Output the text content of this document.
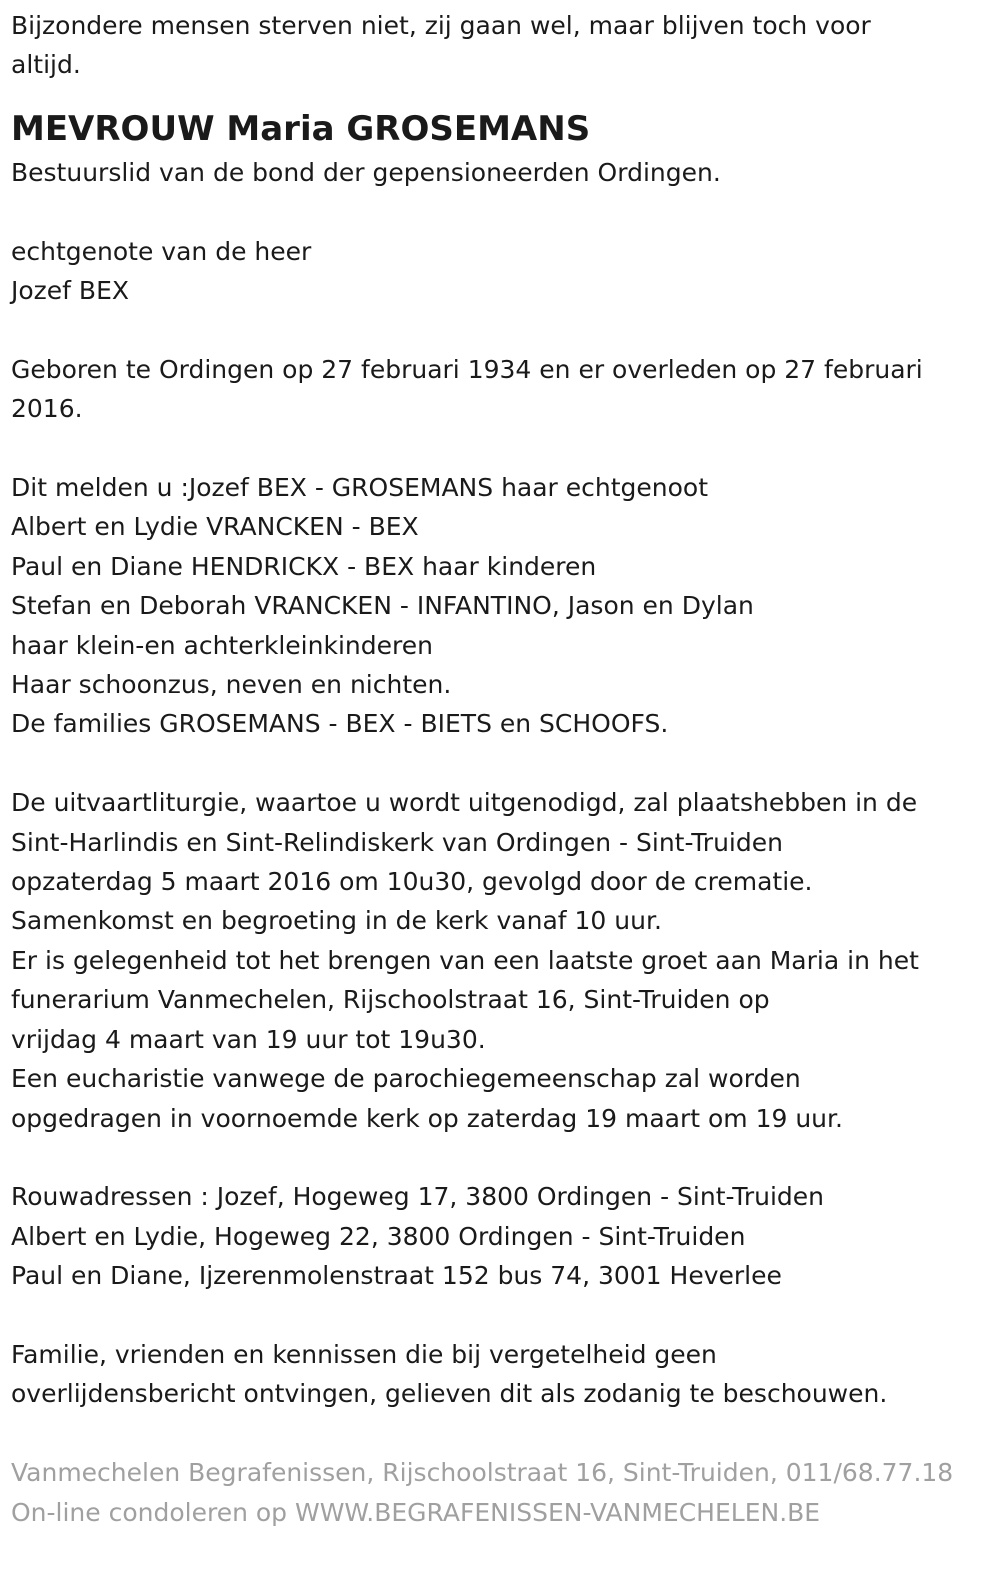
Bijzondere mensen sterven niet, zij gaan wel, maar blijven toch voor
altijd.
MEVROUW Maria GROSEMANS
Bestuurslid van de bond der gepensioneerden Ordingen.
echtgenote van de heer
Jozef BEX
Geboren te Ordingen op 27 februari 1934 en er overleden op 27 februari
2016.
Dit melden u :Jozef BEX - GROSEMANS haar echtgenoot
Albert en Lydie VRANCKEN - BEX
Paul en Diane HENDRICKX - BEX haar kinderen
Stefan en Deborah VRANCKEN - INFANTINO, Jason en Dylan
haar klein-en achterkleinkinderen
Haar schoonzus, neven en nichten.
De families GROSEMANS - BEX - BIETS en SCHOOFS.
De uitvaartliturgie, waartoe u wordt uitgenodigd, zal plaatshebben in de
Sint-Harlindis en Sint-Relindiskerk van Ordingen - Sint-Truiden
opzaterdag 5 maart 2016 om 10u30, gevolgd door de crematie.
Samenkomst en begroeting in de kerk vanaf 10 uur.
Er is gelegenheid tot het brengen van een laatste groet aan Maria in het
funerarium Vanmechelen, Rijschoolstraat 16, Sint-Truiden op
vrijdag 4 maart van 19 uur tot 19u30.
Een eucharistie vanwege de parochiegemeenschap zal worden
opgedragen in voornoemde kerk op zaterdag 19 maart om 19 uur.
Rouwadressen : Jozef, Hogeweg 17, 3800 Ordingen - Sint-Truiden
Albert en Lydie, Hogeweg 22, 3800 Ordingen - Sint-Truiden
Paul en Diane, Ijzerenmolenstraat 152 bus 74, 3001 Heverlee
Familie, vrienden en kennissen die bij vergetelheid geen
overlijdensbericht ontvingen, gelieven dit als zodanig te beschouwen.
Vanmechelen Begrafenissen, Rijschoolstraat 16, Sint-Truiden, 011/68.77.18
On-line condoleren op WWW.BEGRAFENISSEN-VANMECHELEN.BE
